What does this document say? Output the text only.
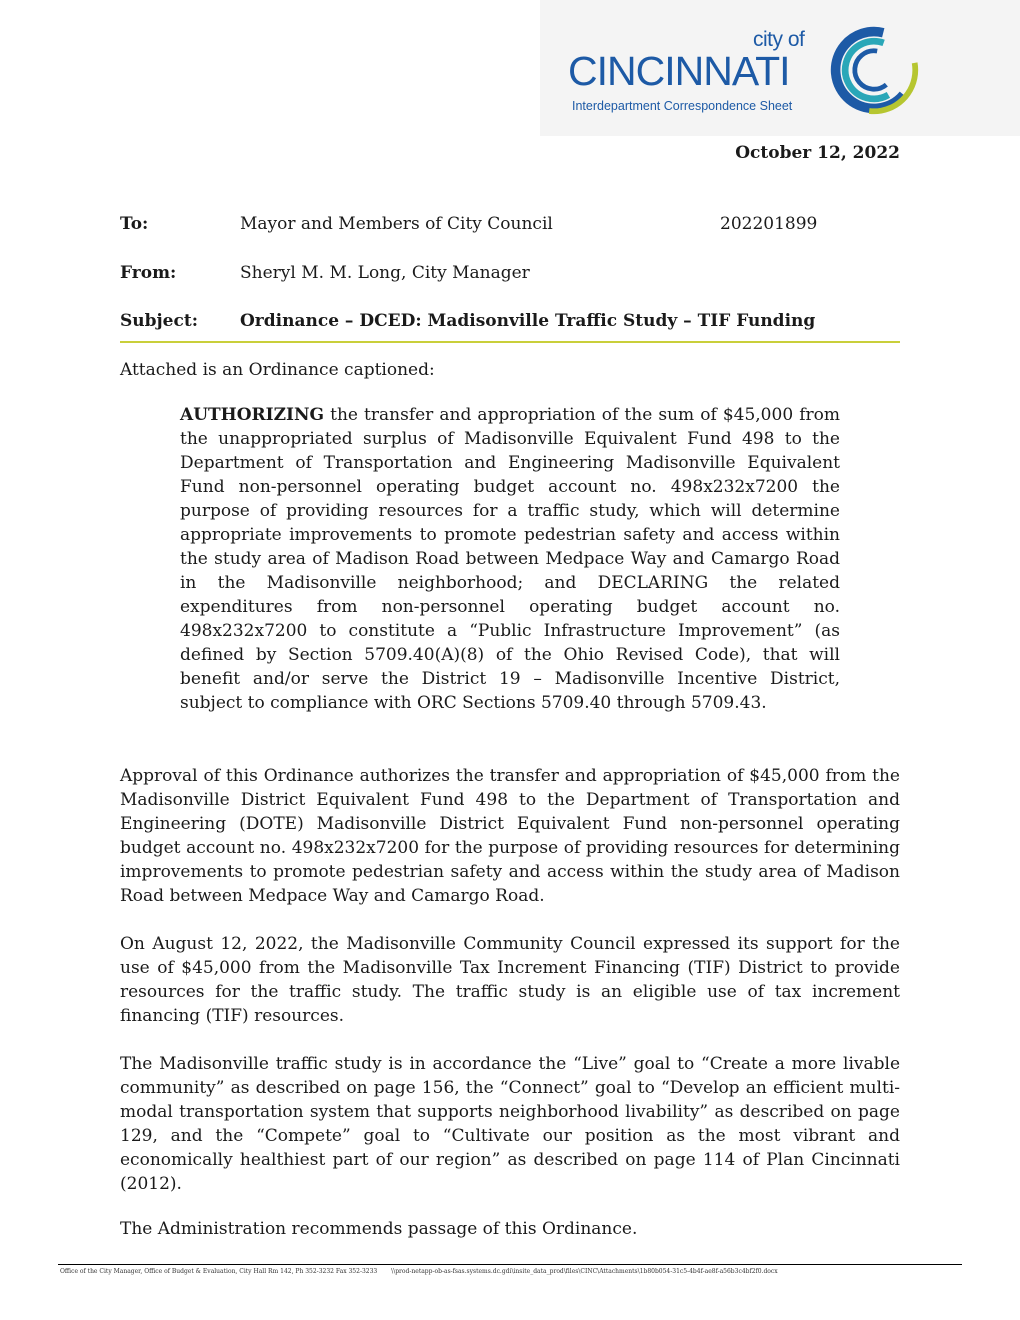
city of
CINCINNATI
Interdepartment Correspondence Sheet
October 12, 2022
To:	Mayor and Members of City Council	202201899
From:	Sheryl M. M. Long, City Manager
Subject: Ordinance – DCED: Madisonville Traffic Study – TIF Funding

Attached is an Ordinance captioned:

AUTHORIZING the transfer and appropriation of the sum of $45,000 from the unappropriated surplus of Madisonville Equivalent Fund 498 to the Department of Transportation and Engineering Madisonville Equivalent Fund non-personnel operating budget account no. 498x232x7200 the purpose of providing resources for a traffic study, which will determine appropriate improvements to promote pedestrian safety and access within the study area of Madison Road between Medpace Way and Camargo Road in the Madisonville neighborhood; and DECLARING the related expenditures from non-personnel operating budget account no. 498x232x7200 to constitute a “Public Infrastructure Improvement” (as defined by Section 5709.40(A)(8) of the Ohio Revised Code), that will benefit and/or serve the District 19 – Madisonville Incentive District, subject to compliance with ORC Sections 5709.40 through 5709.43.

Approval of this Ordinance authorizes the transfer and appropriation of $45,000 from the Madisonville District Equivalent Fund 498 to the Department of Transportation and Engineering (DOTE) Madisonville District Equivalent Fund non-personnel operating budget account no. 498x232x7200 for the purpose of providing resources for determining improvements to promote pedestrian safety and access within the study area of Madison Road between Medpace Way and Camargo Road.

On August 12, 2022, the Madisonville Community Council expressed its support for the use of $45,000 from the Madisonville Tax Increment Financing (TIF) District to provide resources for the traffic study. The traffic study is an eligible use of tax increment financing (TIF) resources.

The Madisonville traffic study is in accordance the “Live” goal to “Create a more livable community” as described on page 156, the “Connect” goal to “Develop an efficient multi-modal transportation system that supports neighborhood livability” as described on page 129, and the “Compete” goal to “Cultivate our position as the most vibrant and economically healthiest part of our region” as described on page 114 of Plan Cincinnati (2012).

The Administration recommends passage of this Ordinance.

Office of the City Manager, Office of Budget & Evaluation, City Hall Rm 142, Ph 352-3232 Fax 352-3233 \\prod-netapp-ob-as-fsas.systems.dc.gdi\insite_data_prod\files\CINC\Attachments\1b80b054-31c5-4b4f-ae8f-a56b3c4bf2f0.docx
